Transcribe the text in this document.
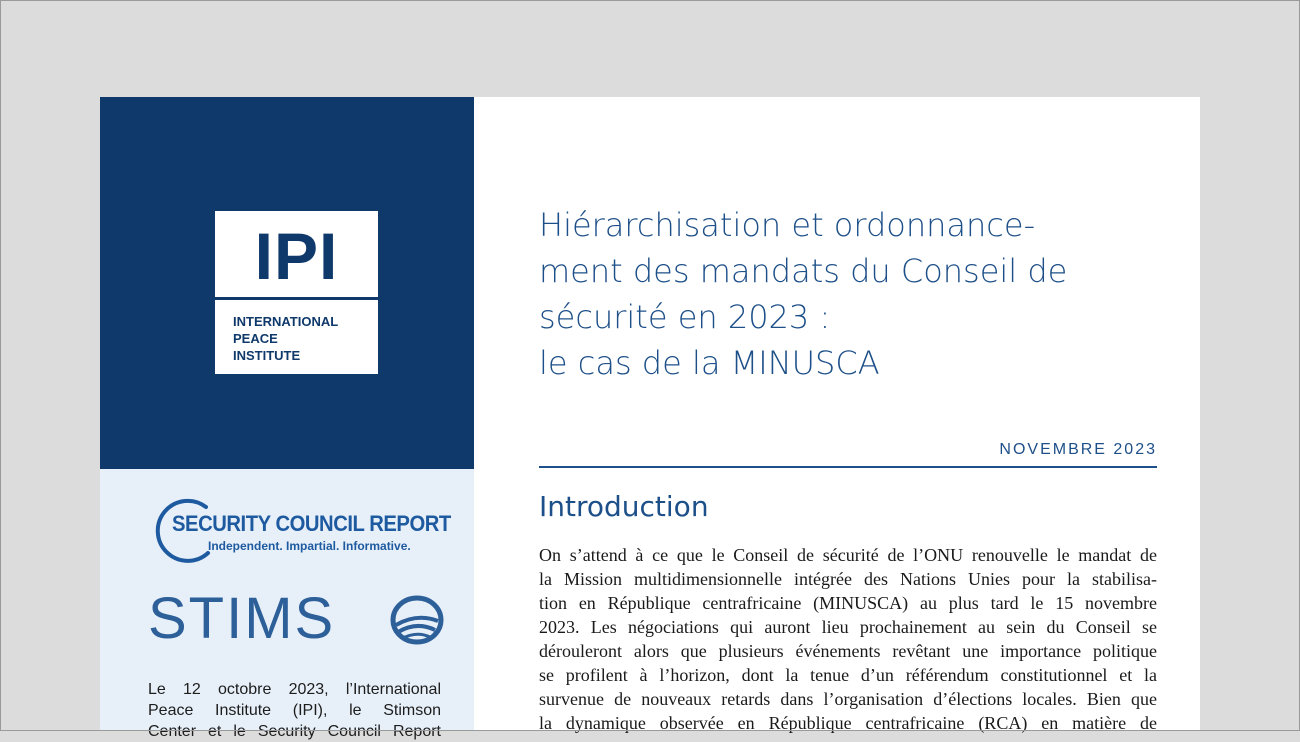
IPI
INTERNATIONAL
PEACE
INSTITUTE
SECURITY COUNCIL REPORT
Independent. Impartial. Informative.
STIMS
Le 12 octobre 2023, l’International
Peace Institute (IPI), le Stimson
Center et le Security Council Report
Hiérarchisation et ordonnance-
ment des mandats du Conseil de
sécurité en 2023 :
le cas de la MINUSCA
NOVEMBRE 2023
Introduction

On s’attend à ce que le Conseil de sécurité de l’ONU renouvelle le mandat de
la Mission multidimensionnelle intégrée des Nations Unies pour la stabilisa-
tion en République centrafricaine (MINUSCA) au plus tard le 15 novembre
2023. Les négociations qui auront lieu prochainement au sein du Conseil se
dérouleront alors que plusieurs événements revêtant une importance politique
se profilent à l’horizon, dont la tenue d’un référendum constitutionnel et la
survenue de nouveaux retards dans l’organisation d’élections locales. Bien que
la dynamique observée en République centrafricaine (RCA) en matière de
